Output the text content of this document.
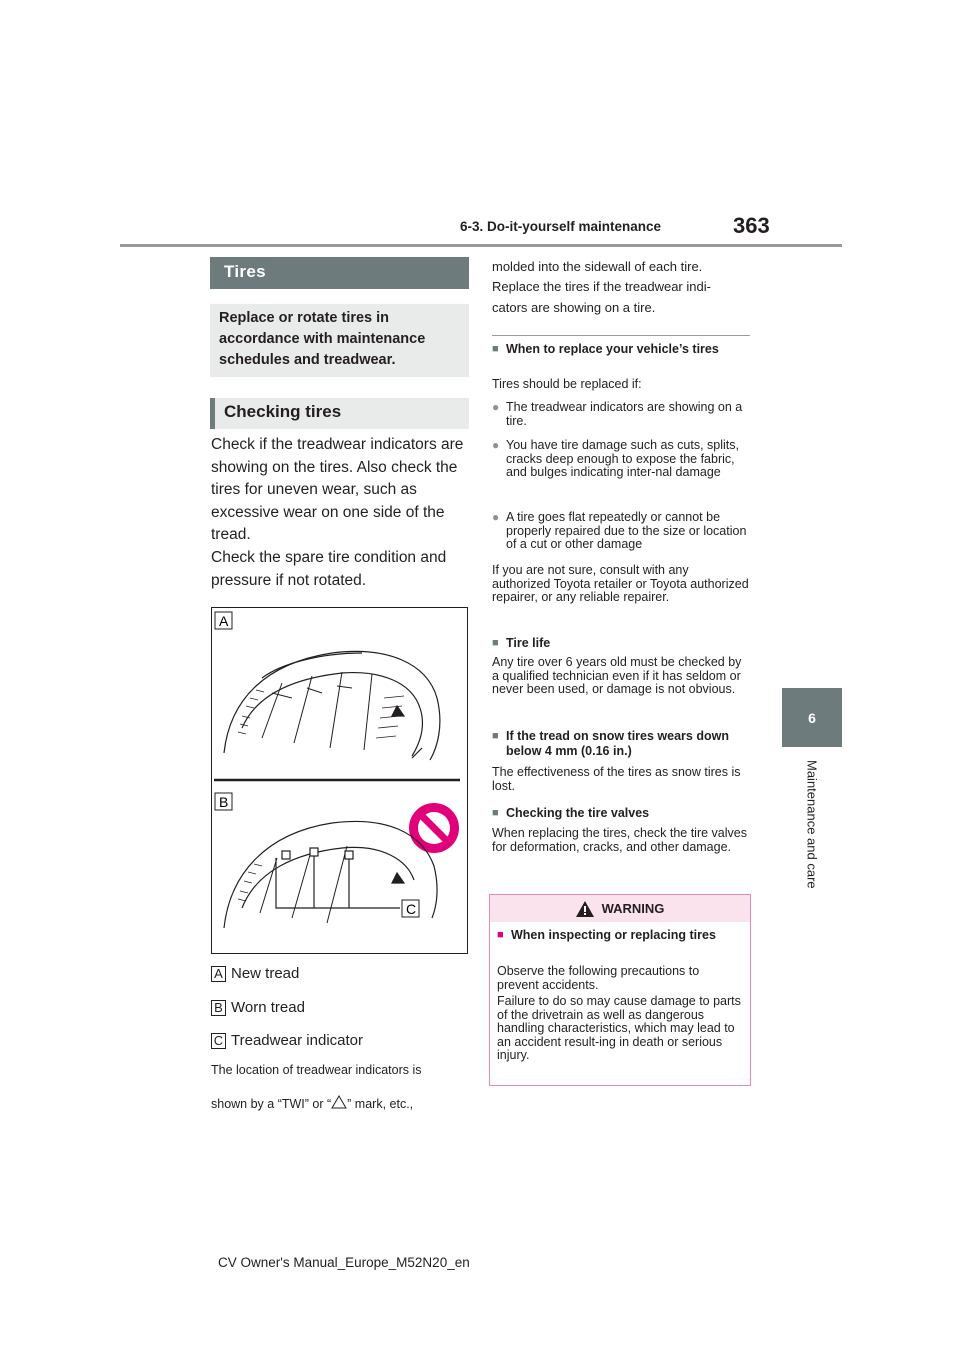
6-3. Do-it-yourself maintenance	363
6
Maintenance and care
Tires
Replace or rotate tires in accordance with maintenance schedules and treadwear.
Checking tires
Check if the treadwear indicators are showing on the tires. Also check the tires for uneven wear, such as excessive wear on one side of the tread.
Check the spare tire condition and pressure if not rotated.
A
B
C
A New tread
B Worn tread
C Treadwear indicator
The location of treadwear indicators is
shown by a “TWI” or “ ” mark, etc.,
molded into the sidewall of each tire.
Replace the tires if the treadwear indi-
cators are showing on a tire.
■ When to replace your vehicle’s tires
Tires should be replaced if:
● The treadwear indicators are showing on a tire.
● You have tire damage such as cuts, splits, cracks deep enough to expose the fabric, and bulges indicating inter-nal damage
● A tire goes flat repeatedly or cannot be properly repaired due to the size or location of a cut or other damage
If you are not sure, consult with any authorized Toyota retailer or Toyota authorized repairer, or any reliable repairer.
■ Tire life
Any tire over 6 years old must be checked by a qualified technician even if it has seldom or never been used, or damage is not obvious.
■ If the tread on snow tires wears down below 4 mm (0.16 in.)
The effectiveness of the tires as snow tires is lost.
■ Checking the tire valves
When replacing the tires, check the tire valves for deformation, cracks, and other damage.
WARNING
■ When inspecting or replacing tires
Observe the following precautions to prevent accidents.
Failure to do so may cause damage to parts of the drivetrain as well as dangerous handling characteristics, which may lead to an accident result-ing in death or serious injury.
CV Owner's Manual_Europe_M52N20_en
